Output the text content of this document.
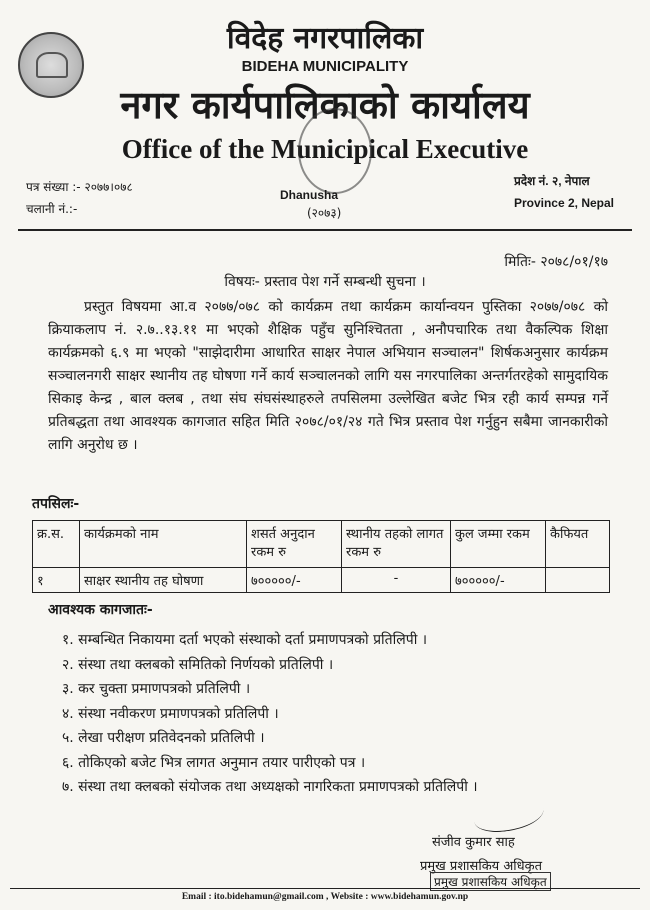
विदेह नगरपालिका
BIDEHA MUNICIPALITY
नगर कार्यपालिकाको कार्यालय
Office of the Municipical Executive
Dhanusha
(२०७३)
पत्र संख्या :- २०७७।०७८
चलानी नं.:-
प्रदेश नं. २, नेपाल
Province 2, Nepal
मितिः- २०७८/०१/१७
विषयः- प्रस्ताव पेश गर्ने सम्बन्धी सुचना ।
प्रस्तुत विषयमा आ.व २०७७/०७८ को कार्यक्रम तथा कार्यक्रम कार्यान्वयन पुस्तिका २०७७/०७८ को क्रियाकलाप नं. २.७..१३.११ मा भएको शैक्षिक पहुँच सुनिश्चितता , अनौपचारिक तथा वैकल्पिक शिक्षा कार्यक्रमको ६.९ मा भएको "साझेदारीमा आधारित साक्षर नेपाल अभियान सञ्चालन" शिर्षकअनुसार कार्यक्रम सञ्चालनगरी साक्षर स्थानीय तह घोषणा गर्ने कार्य सञ्चालनको लागि यस नगरपालिका अन्तर्गतरहेको सामुदायिक सिकाइ केन्द्र , बाल क्लब , तथा संघ संघसंस्थाहरुले तपसिलमा उल्लेखित बजेट भित्र रही कार्य सम्पन्न गर्ने प्रतिबद्धता तथा आवश्यक कागजात सहित मिति २०७८/०१/२४ गते भित्र प्रस्ताव पेश गर्नुहुन सबैमा जानकारीको लागि अनुरोध छ ।
तपसिलः-
क्र.स.	कार्यक्रमको नाम	शसर्त अनुदान रकम रु	स्थानीय तहको लागत रकम रु	कुल जम्मा रकम	कैफियत
१	साक्षर स्थानीय तह घोषणा	७०००००/-	-	७०००००/-	
आवश्यक कागजातः-
१. सम्बन्धित निकायमा दर्ता भएको संस्थाको दर्ता प्रमाणपत्रको प्रतिलिपी ।
२. संस्था तथा क्लबको समितिको निर्णयको प्रतिलिपी ।
३. कर चुक्ता प्रमाणपत्रको प्रतिलिपी ।
४. संस्था नवीकरण प्रमाणपत्रको प्रतिलिपी ।
५. लेखा परीक्षण प्रतिवेदनको प्रतिलिपी ।
६. तोकिएको बजेट भित्र लागत अनुमान तयार पारीएको पत्र ।
७. संस्था तथा क्लबको संयोजक तथा अध्यक्षको नागरिकता प्रमाणपत्रको प्रतिलिपी ।
संजीव कुमार साह
प्रमुख प्रशासकिय अधिकृत
प्रमुख प्रशासकिय अधिकृत
Email : ito.bidehamun@gmail.com , Website : www.bidehamun.gov.np
